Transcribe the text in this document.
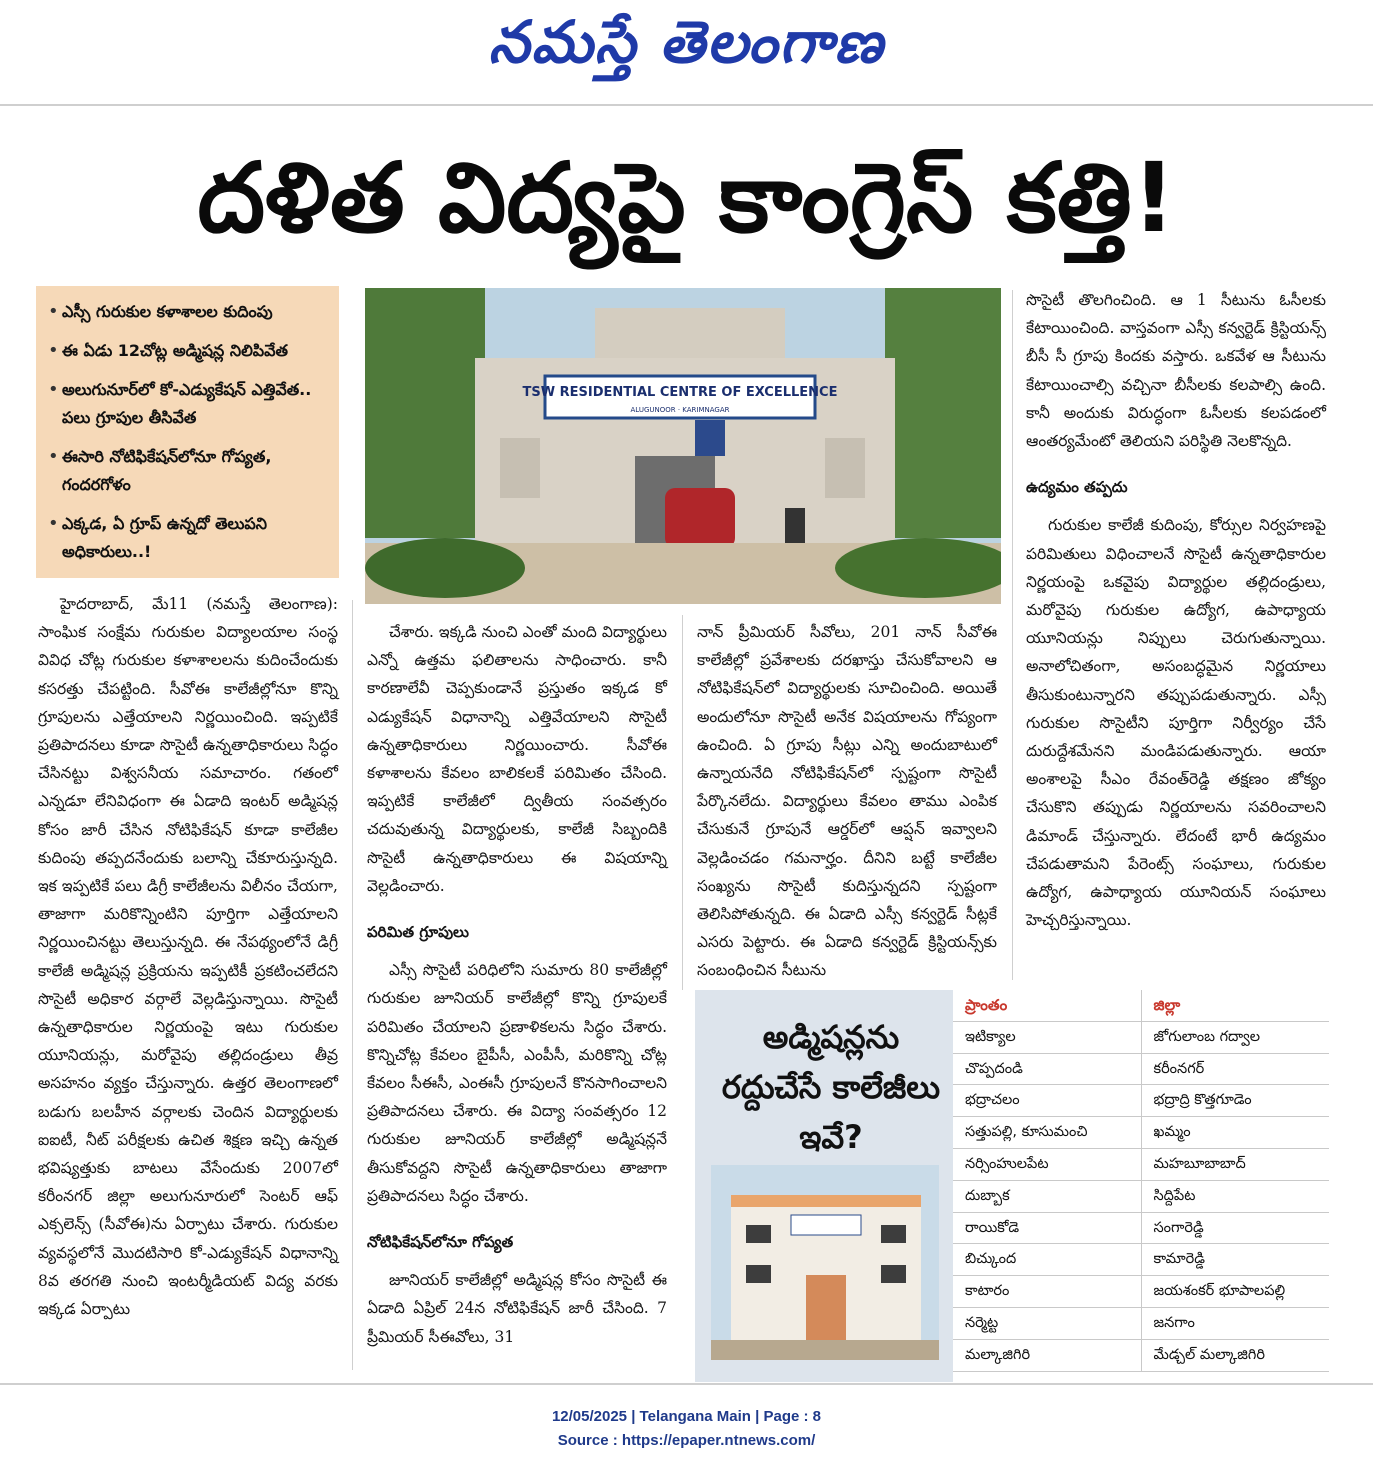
నమస్తే తెలంగాణ
దళిత విద్యపై కాంగ్రెస్ కత్తి!
• ఎస్సీ గురుకుల కళాశాలల కుదింపు
• ఈ ఏడు 12చోట్ల అడ్మిషన్ల నిలిపివేత
• అలుగునూర్‌లో కో-ఎడ్యుకేషన్ ఎత్తివేత.. పలు గ్రూపుల తీసివేత
• ఈసారి నోటిఫికేషన్‌లోనూ గోప్యత, గందరగోళం
• ఎక్కడ, ఏ గ్రూప్ ఉన్నదో తెలుపని అధికారులు..!
TSW RESIDENTIAL CENTRE OF EXCELLENCE
ALUGUNOOR · KARIMNAGAR

హైదరాబాద్, మే11 (నమస్తే తెలంగాణ): సాంఘిక సంక్షేమ గురుకుల విద్యాలయాల సంస్థ వివిధ చోట్ల గురుకుల కళాశాలలను కుదించేందుకు కసరత్తు చేపట్టింది. సీవోఈ కాలేజీల్లోనూ కొన్ని గ్రూపులను ఎత్తేయాలని నిర్ణయించింది. ఇప్పటికే ప్రతిపాదనలు కూడా సొసైటీ ఉన్నతాధికారులు సిద్ధం చేసినట్టు విశ్వసనీయ సమాచారం. గతంలో ఎన్నడూ లేనివిధంగా ఈ ఏడాది ఇంటర్ అడ్మిషన్ల కోసం జారీ చేసిన నోటిఫికేషన్ కూడా కాలేజీల కుదింపు తప్పదనేందుకు బలాన్ని చేకూరుస్తున్నది. ఇక ఇప్పటికే పలు డిగ్రీ కాలేజీలను విలీనం చేయగా, తాజాగా మరికొన్నింటిని పూర్తిగా ఎత్తేయాలని నిర్ణయించినట్టు తెలుస్తున్నది. ఈ నేపథ్యంలోనే డిగ్రీ కాలేజీ అడ్మిషన్ల ప్రక్రియను ఇప్పటికీ ప్రకటించలేదని సొసైటీ అధికార వర్గాలే వెల్లడిస్తున్నాయి. సొసైటీ ఉన్నతాధికారుల నిర్ణయంపై ఇటు గురుకుల యూనియన్లు, మరోవైపు తల్లిదండ్రులు తీవ్ర అసహనం వ్యక్తం చేస్తున్నారు. ఉత్తర తెలంగాణలో బడుగు బలహీన వర్గాలకు చెందిన విద్యార్థులకు ఐఐటీ, నీట్ పరీక్షలకు ఉచిత శిక్షణ ఇచ్చి ఉన్నత భవిష్యత్తుకు బాటలు వేసేందుకు 2007లో కరీంనగర్ జిల్లా అలుగునూరులో సెంటర్ ఆఫ్ ఎక్సలెన్స్ (సీవోఈ)ను ఏర్పాటు చేశారు. గురుకుల వ్యవస్థలోనే మొదటిసారి కో-ఎడ్యుకేషన్ విధానాన్ని 8వ తరగతి నుంచి ఇంటర్మీడియట్ విద్య వరకు ఇక్కడ ఏర్పాటు

చేశారు. ఇక్కడి నుంచి ఎంతో మంది విద్యార్థులు ఎన్నో ఉత్తమ ఫలితాలను సాధించారు. కానీ కారణాలేవీ చెప్పకుండానే ప్రస్తుతం ఇక్కడ కో ఎడ్యుకేషన్ విధానాన్ని ఎత్తివేయాలని సొసైటీ ఉన్నతాధికారులు నిర్ణయించారు. సీవోఈ కళాశాలను కేవలం బాలికలకే పరిమితం చేసింది. ఇప్పటికే కాలేజీలో ద్వితీయ సంవత్సరం చదువుతున్న విద్యార్థులకు, కాలేజీ సిబ్బందికి సొసైటీ ఉన్నతాధికారులు ఈ విషయాన్ని వెల్లడించారు.

పరిమిత గ్రూపులు

ఎస్సీ సొసైటీ పరిధిలోని సుమారు 80 కాలేజీల్లో గురుకుల జూనియర్ కాలేజీల్లో కొన్ని గ్రూపులకే పరిమితం చేయాలని ప్రణాళికలను సిద్ధం చేశారు. కొన్నిచోట్ల కేవలం బైపీసీ, ఎంపీసీ, మరికొన్ని చోట్ల కేవలం సీఈసీ, ఎంఈసీ గ్రూపులనే కొనసాగించాలని ప్రతిపాదనలు చేశారు. ఈ విద్యా సంవత్సరం 12 గురుకుల జూనియర్ కాలేజీల్లో అడ్మిషన్లనే తీసుకోవద్దని సొసైటీ ఉన్నతాధికారులు తాజాగా ప్రతిపాదనలు సిద్ధం చేశారు.

నోటిఫికేషన్‌లోనూ గోప్యత

జూనియర్ కాలేజీల్లో అడ్మిషన్ల కోసం సొసైటీ ఈ ఏడాది ఏప్రిల్ 24న నోటిఫికేషన్ జారీ చేసింది. 7 ప్రీమియర్ సీఈవోలు, 31

నాన్ ప్రీమియర్ సీవోలు, 201 నాన్ సీవోఈ కాలేజీల్లో ప్రవేశాలకు దరఖాస్తు చేసుకోవాలని ఆ నోటిఫికేషన్‌లో విద్యార్థులకు సూచించింది. అయితే అందులోనూ సొసైటీ అనేక విషయాలను గోప్యంగా ఉంచింది. ఏ గ్రూపు సీట్లు ఎన్ని అందుబాటులో ఉన్నాయనేది నోటిఫికేషన్‌లో స్పష్టంగా సొసైటీ పేర్కొనలేదు. విద్యార్థులు కేవలం తాము ఎంపిక చేసుకునే గ్రూపునే ఆర్డర్‌లో ఆప్షన్ ఇవ్వాలని వెల్లడించడం గమనార్హం. దీనిని బట్టే కాలేజీల సంఖ్యను సొసైటీ కుదిస్తున్నదని స్పష్టంగా తెలిసిపోతున్నది. ఈ ఏడాది ఎస్సీ కన్వర్టెడ్ సీట్లకే ఎసరు పెట్టారు. ఈ ఏడాది కన్వర్టెడ్ క్రిస్టియన్స్‌కు సంబంధించిన సీటును

సొసైటీ తొలగించింది. ఆ 1 సీటును ఓసీలకు కేటాయించింది. వాస్తవంగా ఎస్సీ కన్వర్టెడ్ క్రిస్టియన్స్ బీసీ సీ గ్రూపు కిందకు వస్తారు. ఒకవేళ ఆ సీటును కేటాయించాల్సి వచ్చినా బీసీలకు కలపాల్సి ఉంది. కానీ అందుకు విరుద్ధంగా ఓసీలకు కలపడంలో ఆంతర్యమేంటో తెలియని పరిస్థితి నెలకొన్నది.

ఉద్యమం తప్పదు

గురుకుల కాలేజీ కుదింపు, కోర్సుల నిర్వహణపై పరిమితులు విధించాలనే సొసైటీ ఉన్నతాధికారుల నిర్ణయంపై ఒకవైపు విద్యార్థుల తల్లిదండ్రులు, మరోవైపు గురుకుల ఉద్యోగ, ఉపాధ్యాయ యూనియన్లు నిప్పులు చెరుగుతున్నాయి. అనాలోచితంగా, అసంబద్ధమైన నిర్ణయాలు తీసుకుంటున్నారని తప్పుపడుతున్నారు. ఎస్సీ గురుకుల సొసైటీని పూర్తిగా నిర్వీర్యం చేసే దురుద్దేశమేనని మండిపడుతున్నారు. ఆయా అంశాలపై సీఎం రేవంత్‌రెడ్డి తక్షణం జోక్యం చేసుకొని తప్పుడు నిర్ణయాలను సవరించాలని డిమాండ్ చేస్తున్నారు. లేదంటే భారీ ఉద్యమం చేపడుతామని పేరెంట్స్ సంఘాలు, గురుకుల ఉద్యోగ, ఉపాధ్యాయ యూనియన్ సంఘాలు హెచ్చరిస్తున్నాయి.

అడ్మిషన్లను రద్దుచేసే కాలేజీలు ఇవే?
ప్రాంతం	జిల్లా
ఇటిక్యాల	జోగులాంబ గద్వాల
చొప్పదండి	కరీంనగర్
భద్రాచలం	భద్రాద్రి కొత్తగూడెం
సత్తుపల్లి, కూసుమంచి	ఖమ్మం
నర్సింహులపేట	మహబూబాబాద్
దుబ్బాక	సిద్దిపేట
రాయికోడె	సంగారెడ్డి
బిచ్కుంద	కామారెడ్డి
కాటారం	జయశంకర్ భూపాలపల్లి
నర్మెట్ట	జనగాం
మల్కాజిగిరి	మేడ్చల్ మల్కాజిగిరి
12/05/2025 | Telangana Main | Page : 8
Source : https://epaper.ntnews.com/
